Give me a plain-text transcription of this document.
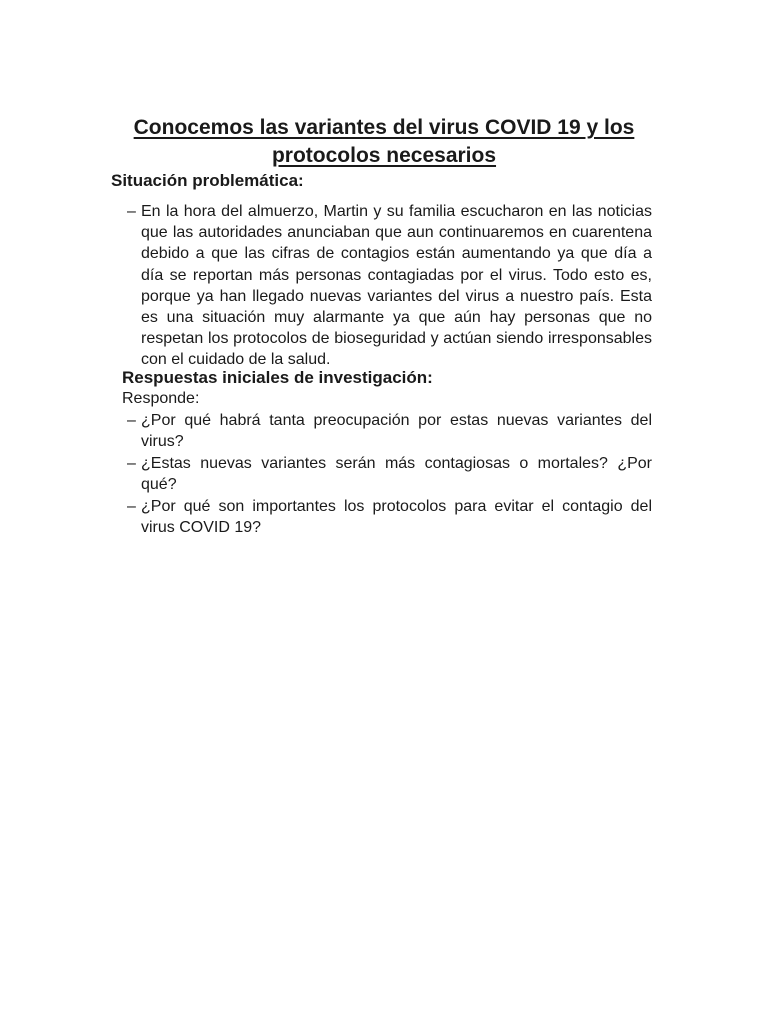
Conocemos las variantes del virus COVID 19 y los
protocolos necesarios
Situación problemática:
– En la hora del almuerzo, Martin y su familia escucharon en las noticias que las autoridades anunciaban que aun continuaremos en cuarentena debido a que las cifras de contagios están aumentando ya que día a día se reportan más personas contagiadas por el virus. Todo esto es, porque ya han llegado nuevas variantes del virus a nuestro país. Esta es una situación muy alarmante ya que aún hay personas que no respetan los protocolos de bioseguridad y actúan siendo irresponsables con el cuidado de la salud.
Respuestas iniciales de investigación:
Responde:
– ¿Por qué habrá tanta preocupación por estas nuevas variantes del virus?
– ¿Estas nuevas variantes serán más contagiosas o mortales? ¿Por qué?
– ¿Por qué son importantes los protocolos para evitar el contagio del virus COVID 19?
